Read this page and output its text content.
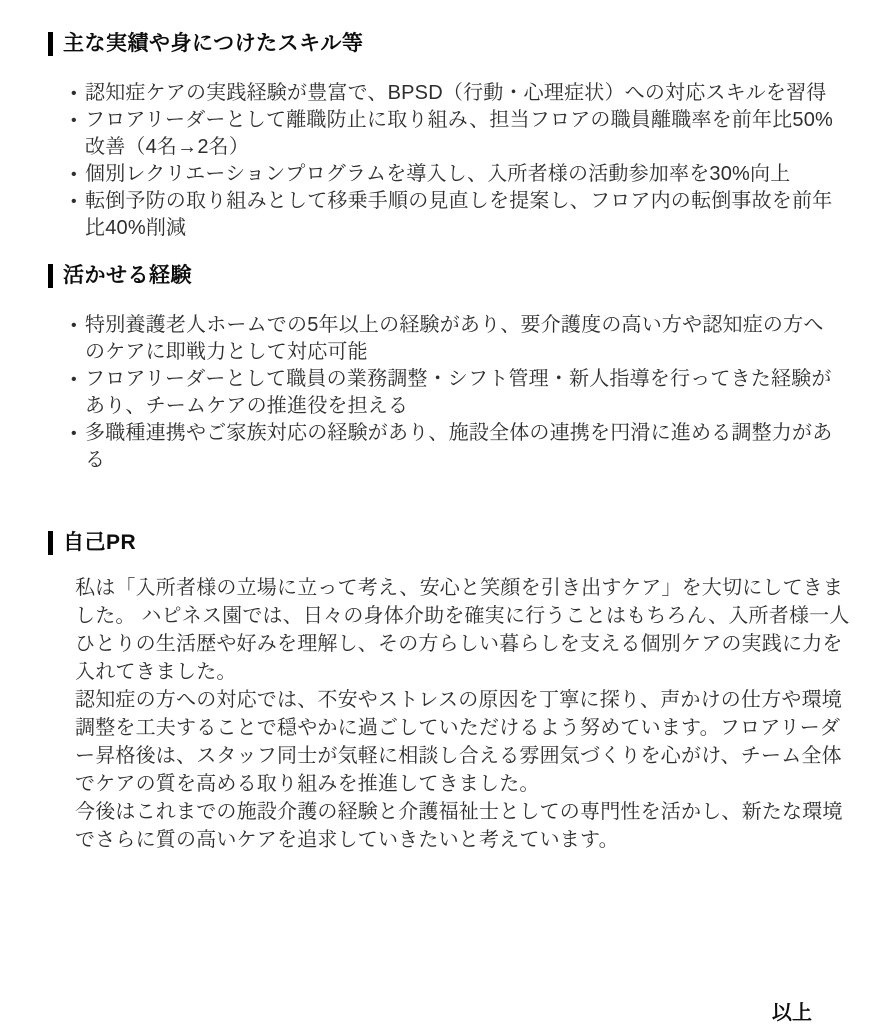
主な実績や身につけたスキル等
• 認知症ケアの実践経験が豊富で、BPSD（行動・心理症状）への対応スキルを習得
• フロアリーダーとして離職防止に取り組み、担当フロアの職員離職率を前年比50%改善（4名→2名）
• 個別レクリエーションプログラムを導入し、入所者様の活動参加率を30%向上
• 転倒予防の取り組みとして移乗手順の見直しを提案し、フロア内の転倒事故を前年比40%削減
活かせる経験
• 特別養護老人ホームでの5年以上の経験があり、要介護度の高い方や認知症の方へのケアに即戦力として対応可能
• フロアリーダーとして職員の業務調整・シフト管理・新人指導を行ってきた経験があり、チームケアの推進役を担える
• 多職種連携やご家族対応の経験があり、施設全体の連携を円滑に進める調整力がある
自己PR

私は「入所者様の立場に立って考え、安心と笑顔を引き出すケア」を大切にしてきました。 ハピネス園では、日々の身体介助を確実に行うことはもちろん、入所者様一人ひとりの生活歴や好みを理解し、その方らしい暮らしを支える個別ケアの実践に力を入れてきました。

認知症の方への対応では、不安やストレスの原因を丁寧に探り、声かけの仕方や環境調整を工夫することで穏やかに過ごしていただけるよう努めています。フロアリーダー昇格後は、スタッフ同士が気軽に相談し合える雰囲気づくりを心がけ、チーム全体でケアの質を高める取り組みを推進してきました。

今後はこれまでの施設介護の経験と介護福祉士としての専門性を活かし、新たな環境でさらに質の高いケアを追求していきたいと考えています。

以上
